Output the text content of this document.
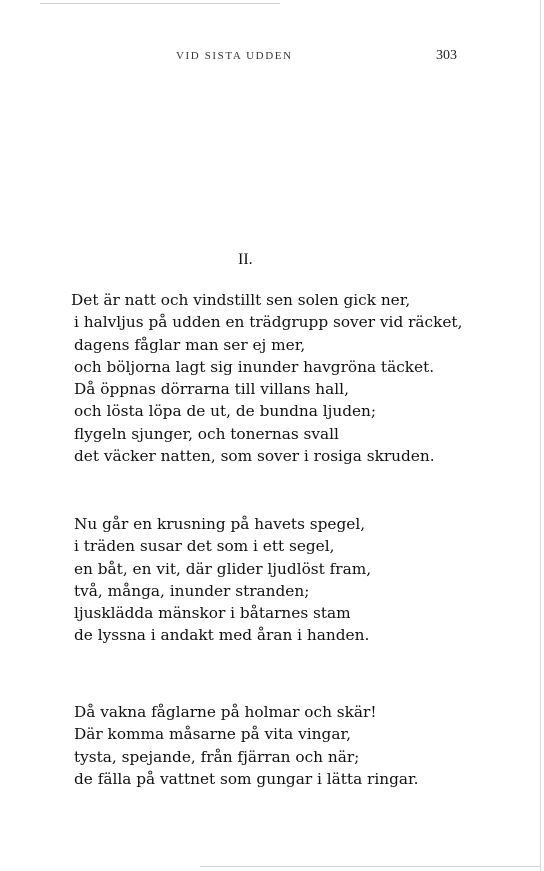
VID SISTA UDDEN	303
II.
Det är natt och vindstillt sen solen gick ner,
i halvljus på udden en trädgrupp sover vid räcket,
dagens fåglar man ser ej mer,
och böljorna lagt sig inunder havgröna täcket.
Då öppnas dörrarna till villans hall,
och lösta löpa de ut, de bundna ljuden;
flygeln sjunger, och tonernas svall
det väcker natten, som sover i rosiga skruden.
Nu går en krusning på havets spegel,
i träden susar det som i ett segel,
en båt, en vit, där glider ljudlöst fram,
två, många, inunder stranden;
ljusklädda mänskor i båtarnes stam
de lyssna i andakt med åran i handen.
Då vakna fåglarne på holmar och skär!
Där komma måsarne på vita vingar,
tysta, spejande, från fjärran och när;
de fälla på vattnet som gungar i lätta ringar.
